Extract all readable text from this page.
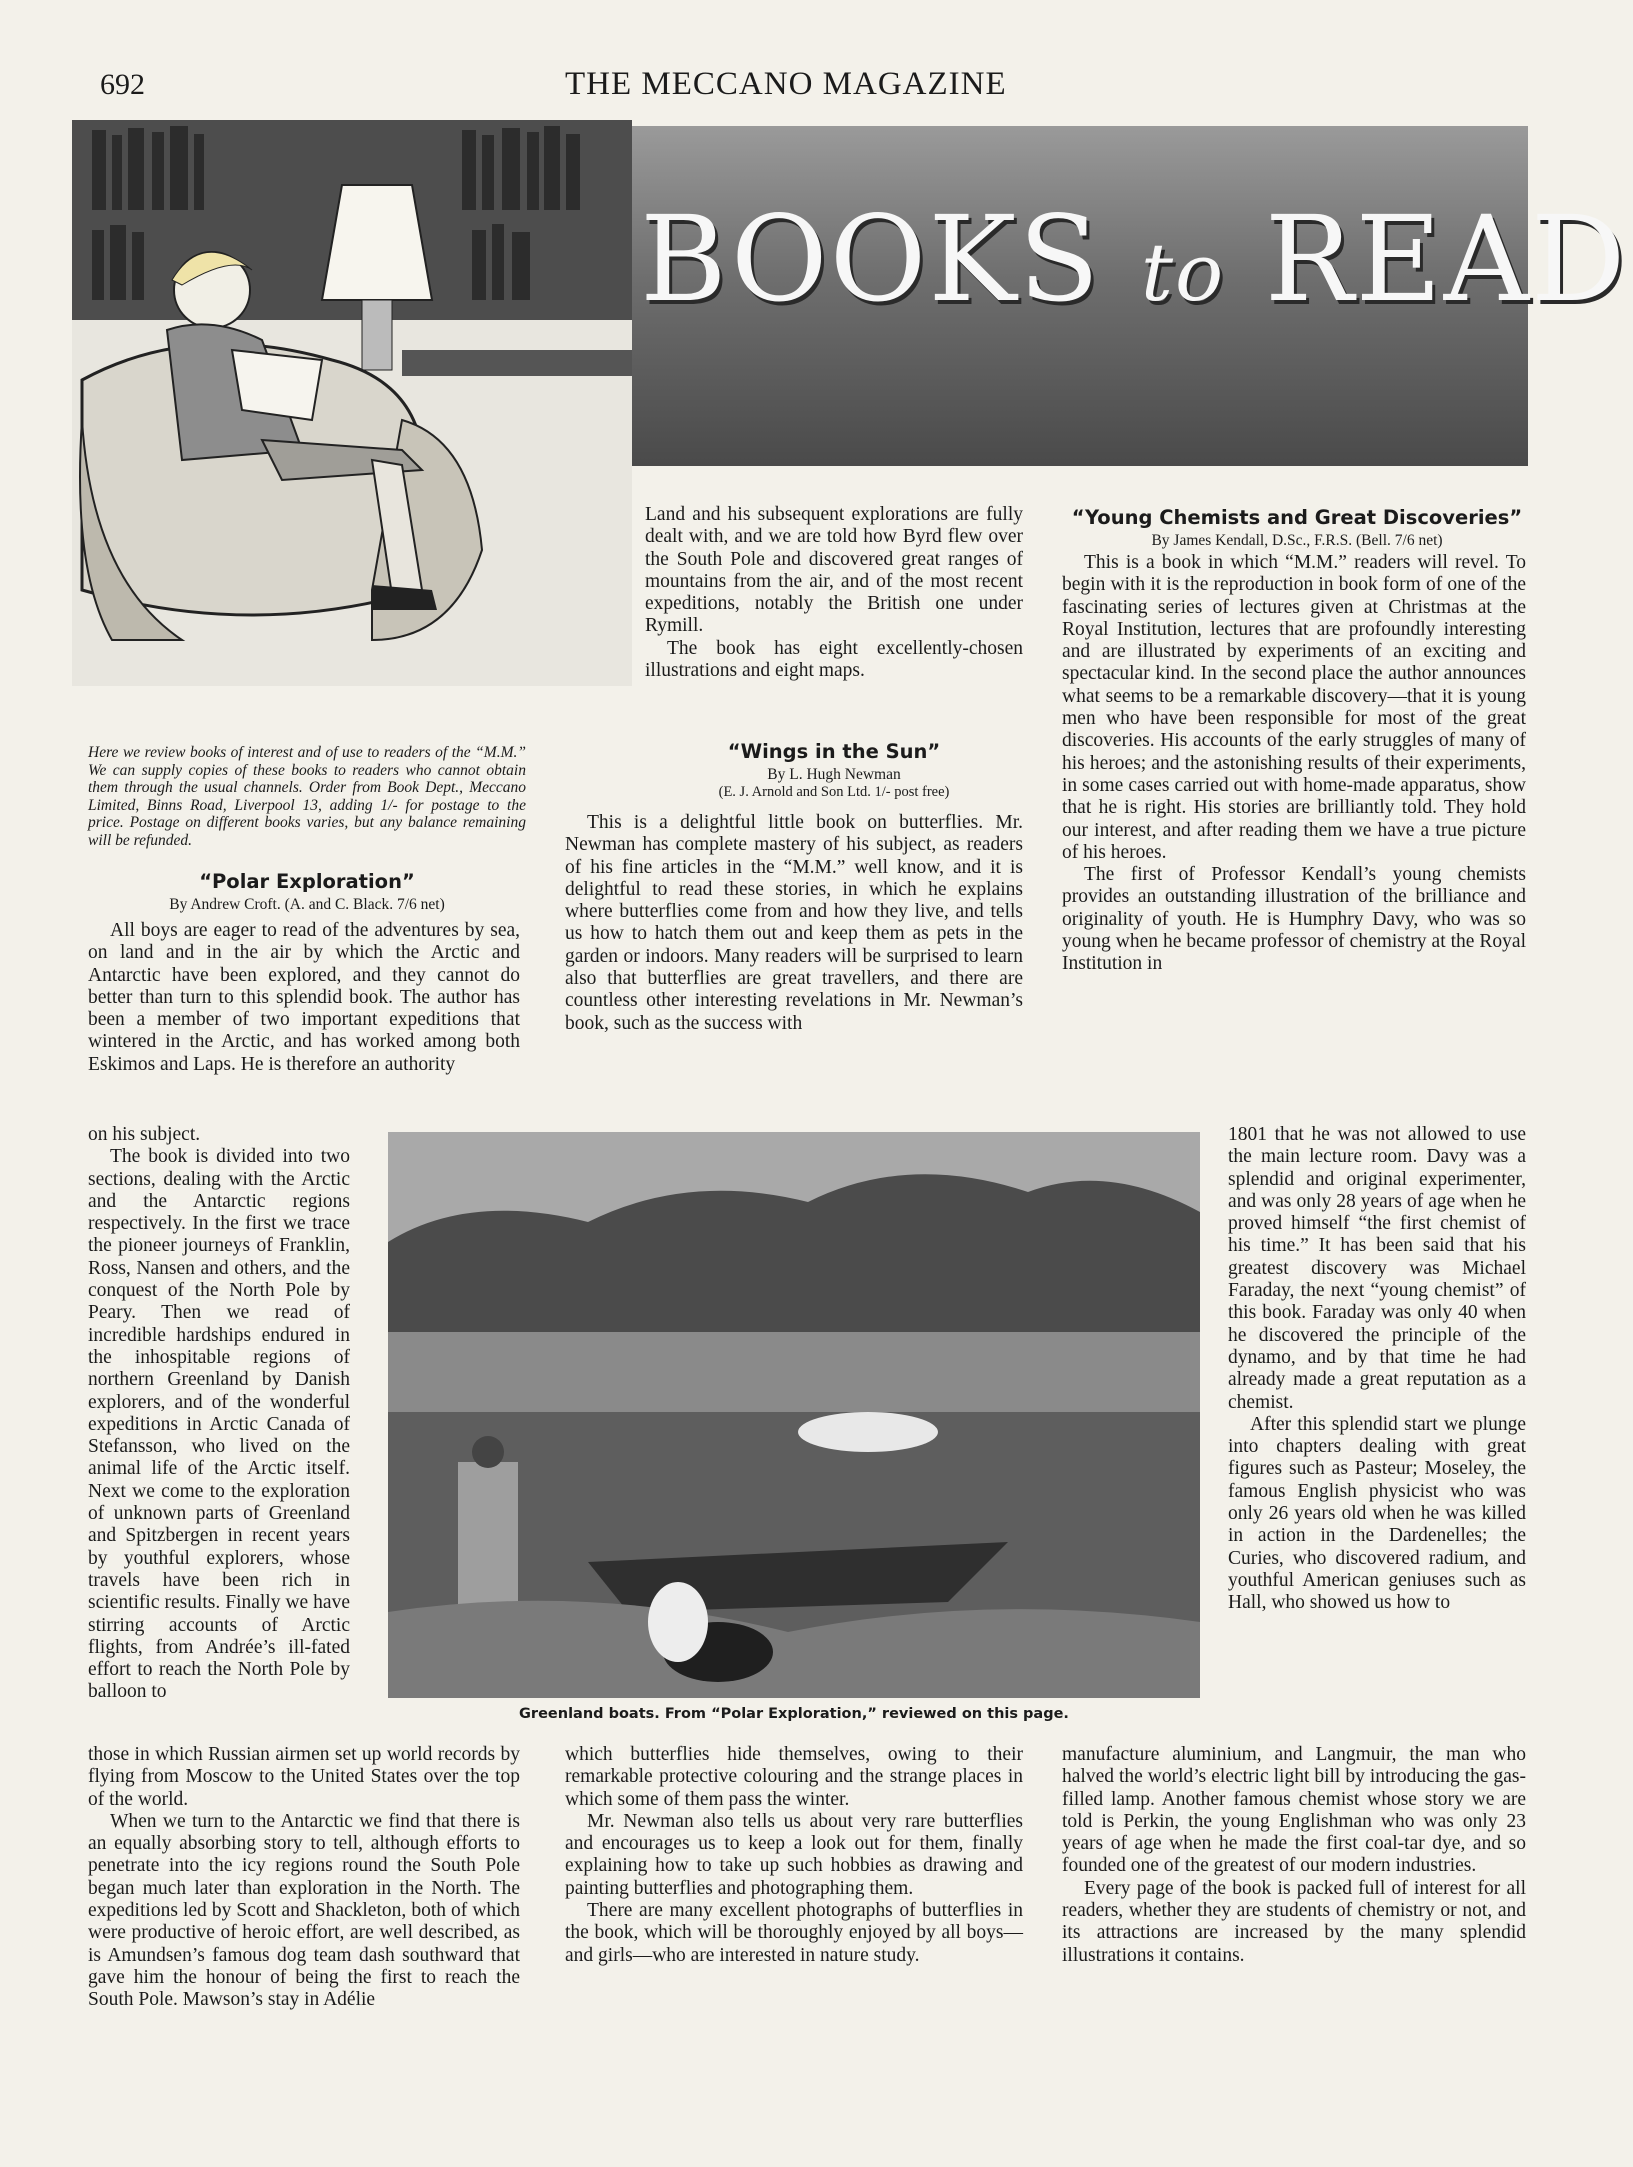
692	THE MECCANO MAGAZINE
BOOKS to READ
Here we review books of interest and of use to readers of the “M.M.” We can supply copies of these books to readers who cannot obtain them through the usual channels. Order from Book Dept., Meccano Limited, Binns Road, Liverpool 13, adding 1/- for postage to the price. Postage on different books varies, but any balance remaining will be refunded.
“Polar Exploration”
By Andrew Croft. (A. and C. Black. 7/6 net)

All boys are eager to read of the adventures by sea, on land and in the air by which the Arctic and Antarctic have been explored, and they cannot do better than turn to this splendid book. The author has been a member of two important expeditions that wintered in the Arctic, and has worked among both Eskimos and Laps. He is therefore an authority

on his subject.

The book is divided into two sections, dealing with the Arctic and the Antarctic regions respectively. In the first we trace the pioneer journeys of Franklin, Ross, Nansen and others, and the conquest of the North Pole by Peary. Then we read of incredible hardships endured in the inhospitable regions of northern Greenland by Danish explorers, and of the wonderful expeditions in Arctic Canada of Stefansson, who lived on the animal life of the Arctic itself. Next we come to the exploration of unknown parts of Greenland and Spitzbergen in recent years by youthful explorers, whose travels have been rich in scientific results. Finally we have stirring accounts of Arctic flights, from Andrée’s ill-fated effort to reach the North Pole by balloon to

those in which Russian airmen set up world records by flying from Moscow to the United States over the top of the world.

When we turn to the Antarctic we find that there is an equally absorbing story to tell, although efforts to penetrate into the icy regions round the South Pole began much later than exploration in the North. The expeditions led by Scott and Shackleton, both of which were productive of heroic effort, are well described, as is Amundsen’s famous dog team dash southward that gave him the honour of being the first to reach the South Pole. Mawson’s stay in Adélie

Land and his subsequent explorations are fully dealt with, and we are told how Byrd flew over the South Pole and discovered great ranges of mountains from the air, and of the most recent expeditions, notably the British one under Rymill.

The book has eight excellently-chosen illustrations and eight maps.

“Wings in the Sun”
By L. Hugh Newman
(E. J. Arnold and Son Ltd. 1/- post free)

This is a delightful little book on butterflies. Mr. Newman has complete mastery of his subject, as readers of his fine articles in the “M.M.” well know, and it is delightful to read these stories, in which he explains where butterflies come from and how they live, and tells us how to hatch them out and keep them as pets in the garden or indoors. Many readers will be surprised to learn also that butterflies are great travellers, and there are countless other interesting revelations in Mr. Newman’s book, such as the success with

which butterflies hide themselves, owing to their remarkable protective colouring and the strange places in which some of them pass the winter.

Mr. Newman also tells us about very rare butterflies and encourages us to keep a look out for them, finally explaining how to take up such hobbies as drawing and painting butterflies and photographing them.

There are many excellent photographs of butterflies in the book, which will be thoroughly enjoyed by all boys—and girls—who are interested in nature study.

“Young Chemists and Great Discoveries”
By James Kendall, D.Sc., F.R.S. (Bell. 7/6 net)

This is a book in which “M.M.” readers will revel. To begin with it is the reproduction in book form of one of the fascinating series of lectures given at Christmas at the Royal Institution, lectures that are profoundly interesting and are illustrated by experiments of an exciting and spectacular kind. In the second place the author announces what seems to be a remarkable discovery—that it is young men who have been responsible for most of the great discoveries. His accounts of the early struggles of many of his heroes; and the astonishing results of their experiments, in some cases carried out with home-made apparatus, show that he is right. His stories are brilliantly told. They hold our interest, and after reading them we have a true picture of his heroes.

The first of Professor Kendall’s young chemists provides an outstanding illustration of the brilliance and originality of youth. He is Humphry Davy, who was so young when he became professor of chemistry at the Royal Institution in

1801 that he was not allowed to use the main lecture room. Davy was a splendid and original experimenter, and was only 28 years of age when he proved himself “the first chemist of his time.” It has been said that his greatest discovery was Michael Faraday, the next “young chemist” of this book. Faraday was only 40 when he discovered the principle of the dynamo, and by that time he had already made a great reputation as a chemist.

After this splendid start we plunge into chapters dealing with great figures such as Pasteur; Moseley, the famous English physicist who was only 26 years old when he was killed in action in the Dardenelles; the Curies, who discovered radium, and youthful American geniuses such as Hall, who showed us how to

manufacture aluminium, and Langmuir, the man who halved the world’s electric light bill by introducing the gas-filled lamp. Another famous chemist whose story we are told is Perkin, the young Englishman who was only 23 years of age when he made the first coal-tar dye, and so founded one of the greatest of our modern industries.

Every page of the book is packed full of interest for all readers, whether they are students of chemistry or not, and its attractions are increased by the many splendid illustrations it contains.

Greenland boats. From “Polar Exploration,” reviewed on this page.
